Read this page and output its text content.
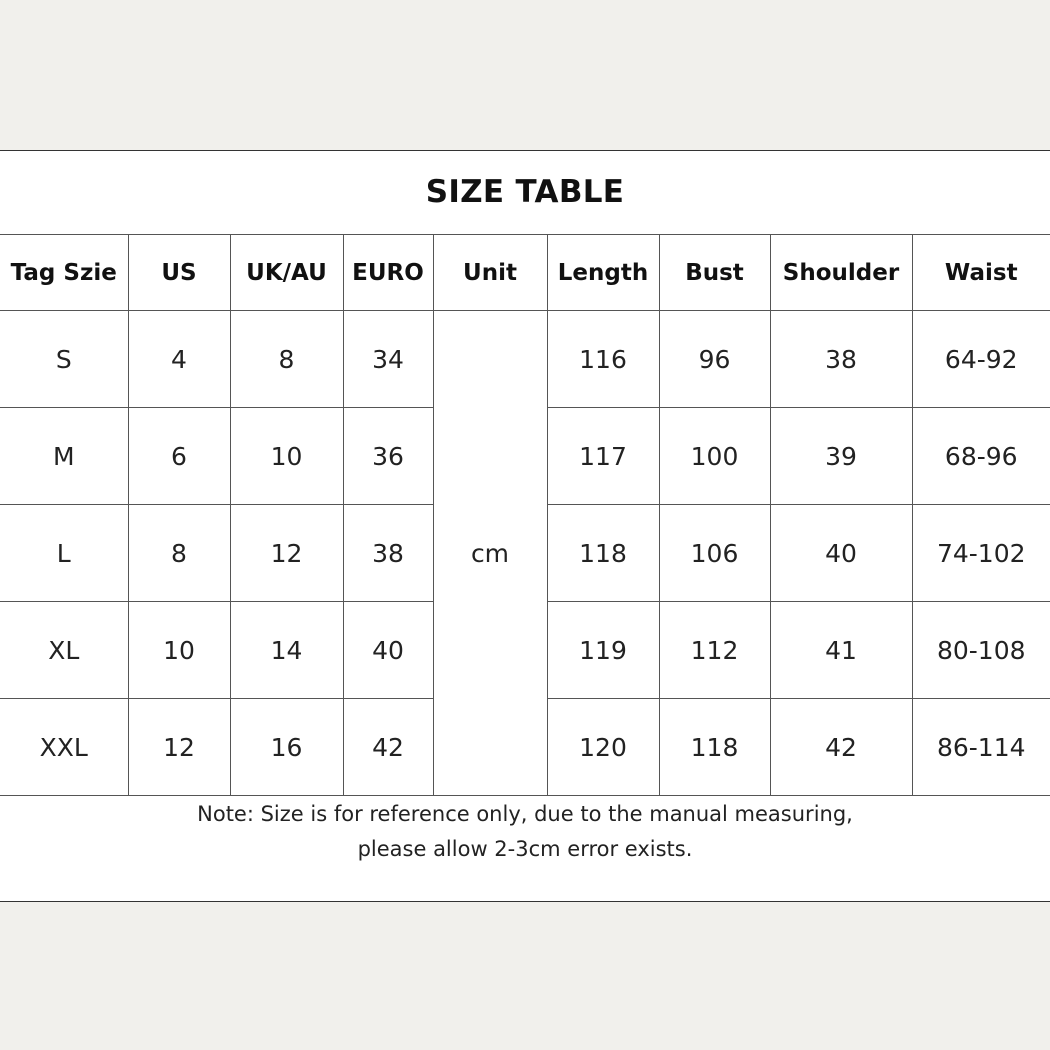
SIZE TABLE
Tag Szie	US	UK/AU	EURO	Unit	Length	Bust	Shoulder	Waist
S	4	8	34	cm	116	96	38	64-92
M	6	10	36		117	100	39	68-96
L	8	12	38		118	106	40	74-102
XL	10	14	40		119	112	41	80-108
XXL	12	16	42		120	118	42	86-114
Note: Size is for reference only, due to the manual measuring,
please allow 2-3cm error exists.
